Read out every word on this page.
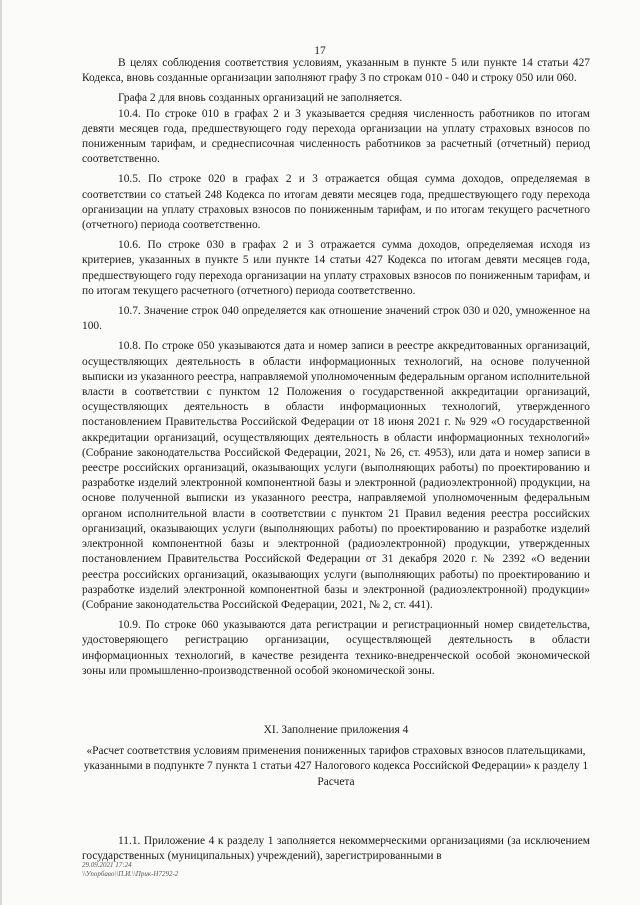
17

В целях соблюдения соответствия условиям, указанным в пункте 5 или пункте 14 статьи 427 Кодекса, вновь созданные организации заполняют графу 3 по строкам 010 - 040 и строку 050 или 060.

Графа 2 для вновь созданных организаций не заполняется.

10.4. По строке 010 в графах 2 и 3 указывается средняя численность работников по итогам девяти месяцев года, предшествующего году перехода организации на уплату страховых взносов по пониженным тарифам, и среднесписочная численность работников за расчетный (отчетный) период соответственно.

10.5. По строке 020 в графах 2 и 3 отражается общая сумма доходов, определяемая в соответствии со статьей 248 Кодекса по итогам девяти месяцев года, предшествующего году перехода организации на уплату страховых взносов по пониженным тарифам, и по итогам текущего расчетного (отчетного) периода соответственно.

10.6. По строке 030 в графах 2 и 3 отражается сумма доходов, определяемая исходя из критериев, указанных в пункте 5 или пункте 14 статьи 427 Кодекса по итогам девяти месяцев года, предшествующего году перехода организации на уплату страховых взносов по пониженным тарифам, и по итогам текущего расчетного (отчетного) периода соответственно.

10.7. Значение строк 040 определяется как отношение значений строк 030 и 020, умноженное на 100.

10.8. По строке 050 указываются дата и номер записи в реестре аккредитованных организаций, осуществляющих деятельность в области информационных технологий, на основе полученной выписки из указанного реестра, направляемой уполномоченным федеральным органом исполнительной власти в соответствии с пунктом 12 Положения о государственной аккредитации организаций, осуществляющих деятельность в области информационных технологий, утвержденного постановлением Правительства Российской Федерации от 18 июня 2021 г. № 929 «О государственной аккредитации организаций, осуществляющих деятельность в области информационных технологий» (Собрание законодательства Российской Федерации, 2021, № 26, ст. 4953), или дата и номер записи в реестре российских организаций, оказывающих услуги (выполняющих работы) по проектированию и разработке изделий электронной компонентной базы и электронной (радиоэлектронной) продукции, на основе полученной выписки из указанного реестра, направляемой уполномоченным федеральным органом исполнительной власти в соответствии с пунктом 21 Правил ведения реестра российских организаций, оказывающих услуги (выполняющих работы) по проектированию и разработке изделий электронной компонентной базы и электронной (радиоэлектронной) продукции, утвержденных постановлением Правительства Российской Федерации от 31 декабря 2020 г. № 2392 «О ведении реестра российских организаций, оказывающих услуги (выполняющих работы) по проектированию и разработке изделий электронной компонентной базы и электронной (радиоэлектронной) продукции» (Собрание законодательства Российской Федерации, 2021, № 2, ст. 441).

10.9. По строке 060 указываются дата регистрации и регистрационный номер свидетельства, удостоверяющего регистрацию организации, осуществляющей деятельность в области информационных технологий, в качестве резидента технико-внедренческой особой экономической зоны или промышленно-производственной особой экономической зоны.

XI. Заполнение приложения 4

«Расчет соответствия условиям применения пониженных тарифов страховых взносов плательщиками, указанными в подпункте 7 пункта 1 статьи 427 Налогового кодекса Российской Федерации» к разделу 1 Расчета

11.1. Приложение 4 к разделу 1 заполняется некоммерческими организациями (за исключением государственных (муниципальных) учреждений), зарегистрированными в

29.09.2021 17:24
\\Упорбаво\\П.И.\\Прик-Н7292-2
